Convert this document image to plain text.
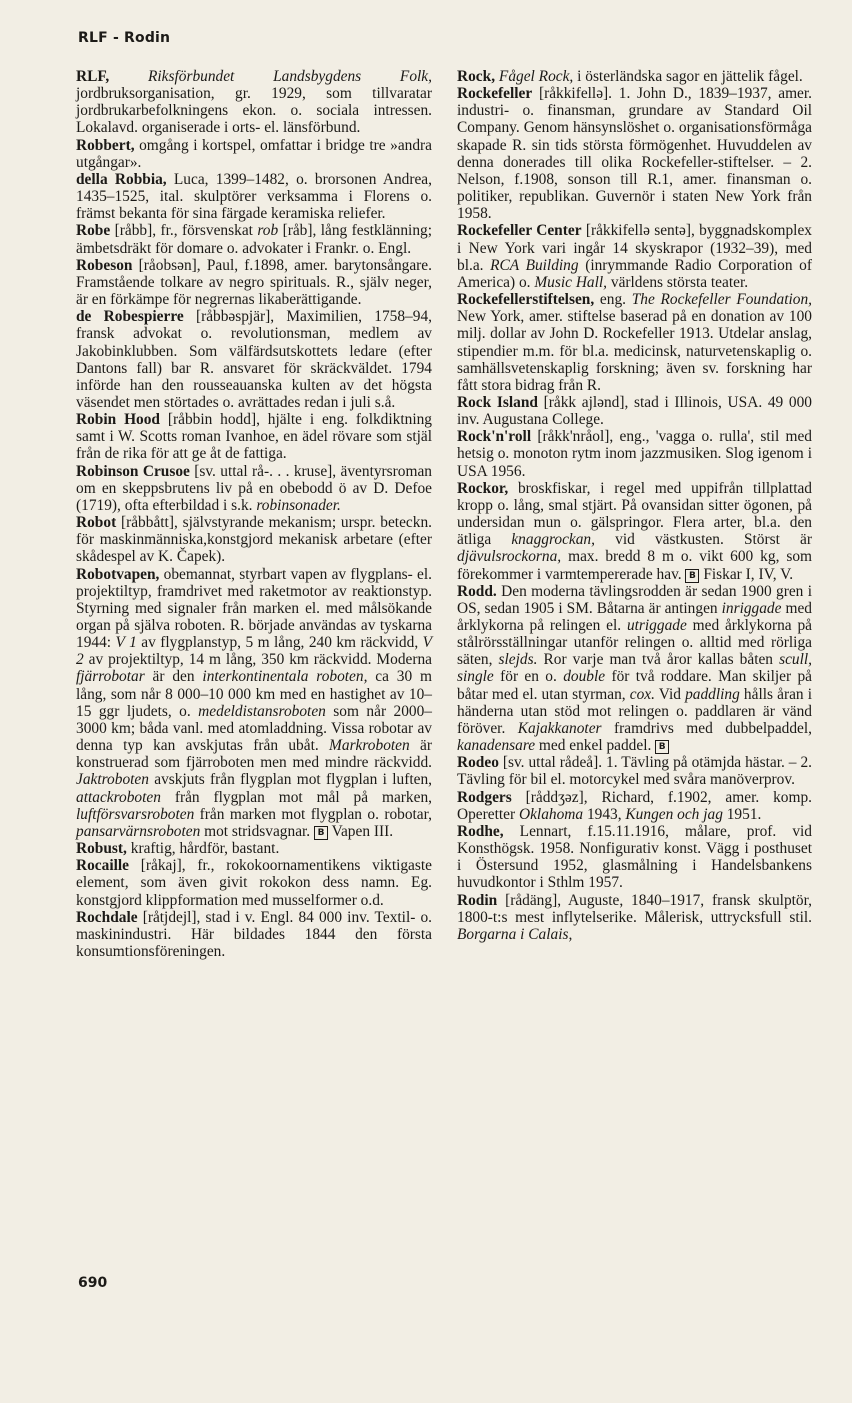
RLF - Rodin
RLF,	Riksförbundet Landsbygdens Folk, jordbruksorganisation, gr. 1929, som tillvaratar jordbrukarbefolkningens ekon. o. sociala intressen. Lokalavd. organiserade i orts- el. länsförbund.
Robbert, omgång i kortspel, omfattar i bridge tre »andra utgångar».
della Robbia, Luca, 1399–1482, o. brorsonen Andrea, 1435–1525, ital. skulptörer verksamma i Florens o. främst bekanta för sina färgade keramiska reliefer.
Robe [råbb], fr., försvenskat rob [råb], lång festklänning; ämbetsdräkt för domare o. advokater i Frankr. o. Engl.
Robeson [råobsən], Paul, f.1898, amer. barytonsångare. Framstående tolkare av negro spirituals. R., själv neger, är en förkämpe för negrernas likaberättigande.
de Robespierre [råbbəspjär], Maximilien, 1758–94, fransk advokat o. revolutionsman, medlem av Jakobinklubben. Som välfärdsutskottets ledare (efter Dantons fall) bar R. ansvaret för skräckväldet. 1794 införde han den rousseauanska kulten av det högsta väsendet men störtades o. avrättades redan i juli s.å.
Robin Hood [råbbin hodd], hjälte i eng. folkdiktning samt i W. Scotts roman Ivanhoe, en ädel rövare som stjäl från de rika för att ge åt de fattiga.
Robinson Crusoe [sv. uttal rå-. . . kruse], äventyrsroman om en skeppsbrutens liv på en obebodd ö av D. Defoe (1719), ofta efterbildad i s.k. robinsonader.
Robot [råbbått], självstyrande mekanism; urspr. beteckn. för maskinmänniska,konstgjord mekanisk arbetare (efter skådespel av K. Čapek).
Robotvapen, obemannat, styrbart vapen av flygplans- el. projektiltyp, framdrivet med raketmotor av reaktionstyp. Styrning med signaler från marken el. med målsökande organ på själva roboten. R. började användas av tyskarna 1944: V 1 av flygplanstyp, 5 m lång, 240 km räckvidd, V 2 av projektiltyp, 14 m lång, 350 km räckvidd. Moderna fjärrobotar är den interkontinentala roboten, ca 30 m lång, som når 8 000–10 000 km med en hastighet av 10–15 ggr ljudets, o. medeldistansroboten som når 2000–3000 km; båda vanl. med atomladdning. Vissa robotar av denna typ kan avskjutas från ubåt. Markroboten är konstruerad som fjärroboten men med mindre räckvidd. Jaktroboten avskjuts från flygplan mot flygplan i luften, attackroboten från flygplan mot mål på marken, luftförsvarsroboten från marken mot flygplan o. robotar, pansarvärnsroboten mot stridsvagnar. B Vapen III.
Robust, kraftig, hårdför, bastant.
Rocaille [råkaj], fr., rokokoornamentikens viktigaste element, som även givit rokokon dess namn. Eg. konstgjord klippformation med musselformer o.d.
Rochdale [råtjdejl], stad i v. Engl. 84 000 inv. Textil- o. maskinindustri. Här bildades 1844 den första konsumtionsföreningen.
Rock, Fågel Rock, i österländska sagor en jättelik fågel.
Rockefeller [råkkifellə]. 1. John D., 1839–1937, amer. industri- o. finansman, grundare av Standard Oil Company. Genom hänsynslöshet o. organisationsförmåga skapade R. sin tids största förmögenhet. Huvuddelen av denna donerades till olika Rockefeller-stiftelser. – 2. Nelson, f.1908, sonson till R.1, amer. finansman o. politiker, republikan. Guvernör i staten New York från 1958.
Rockefeller Center [råkkifellə sentə], byggnadskomplex i New York vari ingår 14 skyskrapor (1932–39), med bl.a. RCA Building (inrymmande Radio Corporation of America) o. Music Hall, världens största teater.
Rockefellerstiftelsen, eng. The Rockefeller Foundation, New York, amer. stiftelse baserad på en donation av 100 milj. dollar av John D. Rockefeller 1913. Utdelar anslag, stipendier m.m. för bl.a. medicinsk, naturvetenskaplig o. samhällsvetenskaplig forskning; även sv. forskning har fått stora bidrag från R.
Rock Island [råkk ajlənd], stad i Illinois, USA. 49 000 inv. Augustana College.
Rock'n'roll [råkk'nråol], eng., 'vagga o. rulla', stil med hetsig o. monoton rytm inom jazzmusiken. Slog igenom i USA 1956.
Rockor, broskfiskar, i regel med uppifrån tillplattad kropp o. lång, smal stjärt. På ovansidan sitter ögonen, på undersidan mun o. gälspringor. Flera arter, bl.a. den ätliga knaggrockan, vid västkusten. Störst är djävulsrockorna, max. bredd 8 m o. vikt 600 kg, som förekommer i varmtempererade hav. B Fiskar I, IV, V.
Rodd. Den moderna tävlingsrodden är sedan 1900 gren i OS, sedan 1905 i SM. Båtarna är antingen inriggade med årklykorna på relingen el. utriggade med årklykorna på stålrörsställningar utanför relingen o. alltid med rörliga säten, slejds. Ror varje man två åror kallas båten scull, single för en o. double för två roddare. Man skiljer på båtar med el. utan styrman, cox. Vid paddling hålls åran i händerna utan stöd mot relingen o. paddlaren är vänd föröver. Kajakkanoter framdrivs med dubbelpaddel, kanadensare med enkel paddel. B
Rodeo [sv. uttal rådeå]. 1. Tävling på otämjda hästar. – 2. Tävling för bil el. motorcykel med svåra manöverprov.
Rodgers [råddʒəz], Richard, f.1902, amer. komp. Operetter Oklahoma 1943, Kungen och jag 1951.
Rodhe, Lennart, f.15.11.1916, målare, prof. vid Konsthögsk. 1958. Nonfigurativ konst. Vägg i posthuset i Östersund 1952, glasmålning i Handelsbankens huvudkontor i Sthlm 1957.
Rodin [rådäng], Auguste, 1840–1917, fransk skulptör, 1800-t:s mest inflytelserike. Målerisk, uttrycksfull stil. Borgarna i Calais,
690
